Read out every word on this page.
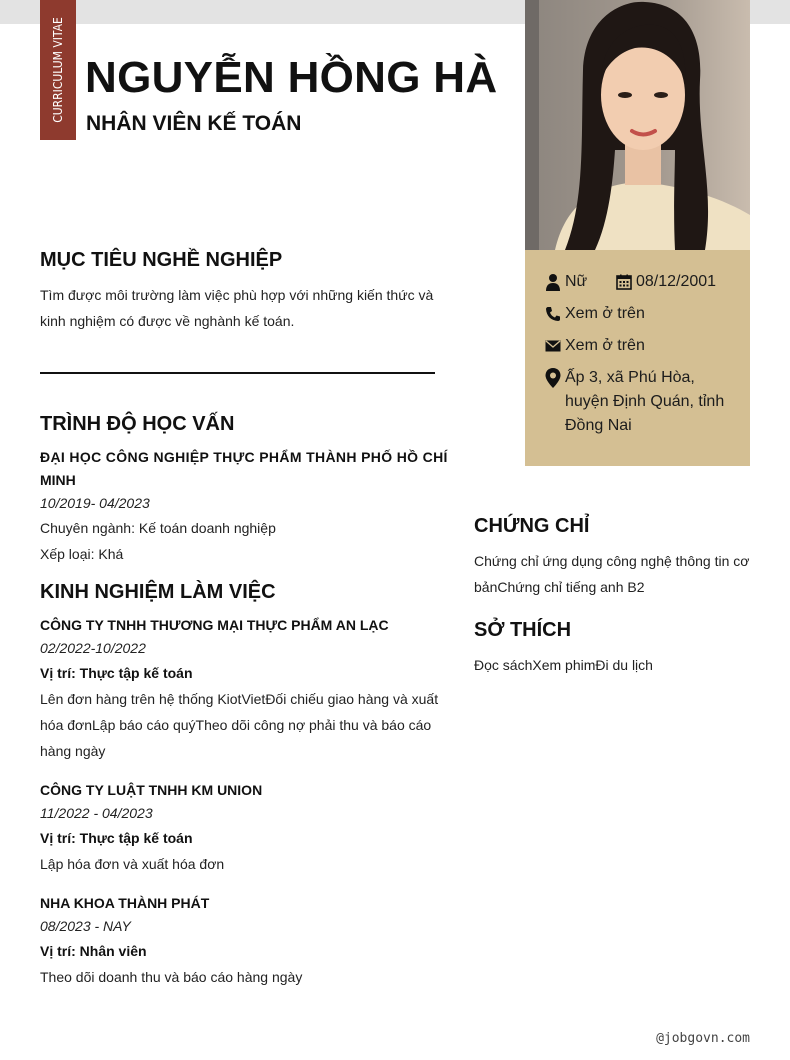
CURRICULUM VITAE NGUYỄN HỒNG HÀ
NHÂN VIÊN KẾ TOÁN
Nữ	08/12/2001
Xem ở trên
Xem ở trên
Ấp 3, xã Phú Hòa,
huyện Định Quán, tỉnh
Đồng Nai
MỤC TIÊU NGHỀ NGHIỆP
Tìm được môi trường làm việc phù hợp với những kiến thức và
kinh nghiệm có được về nghành kế toán.
TRÌNH ĐỘ HỌC VẤN
ĐẠI HỌC CÔNG NGHIỆP THỰC PHẨM THÀNH PHỐ HỒ CHÍ
MINH
10/2019- 04/2023
Chuyên ngành: Kế toán doanh nghiệp
Xếp loại: Khá
KINH NGHIỆM LÀM VIỆC
CÔNG TY TNHH THƯƠNG MẠI THỰC PHẨM AN LẠC
02/2022-10/2022
Vị trí: Thực tập kế toán
Lên đơn hàng trên hệ thống KiotVietĐối chiếu giao hàng và xuất
hóa đơnLập báo cáo quýTheo dõi công nợ phải thu và báo cáo
hàng ngày
CÔNG TY LUẬT TNHH KM UNION
11/2022 - 04/2023
Vị trí: Thực tập kế toán
Lập hóa đơn và xuất hóa đơn
NHA KHOA THÀNH PHÁT
08/2023 - NAY
Vị trí: Nhân viên
Theo dõi doanh thu và báo cáo hàng ngày
CHỨNG CHỈ
Chứng chỉ ứng dụng công nghệ thông tin cơ
bảnChứng chỉ tiếng anh B2
SỞ THÍCH
Đọc sáchXem phimĐi du lịch
@jobgovn.com
